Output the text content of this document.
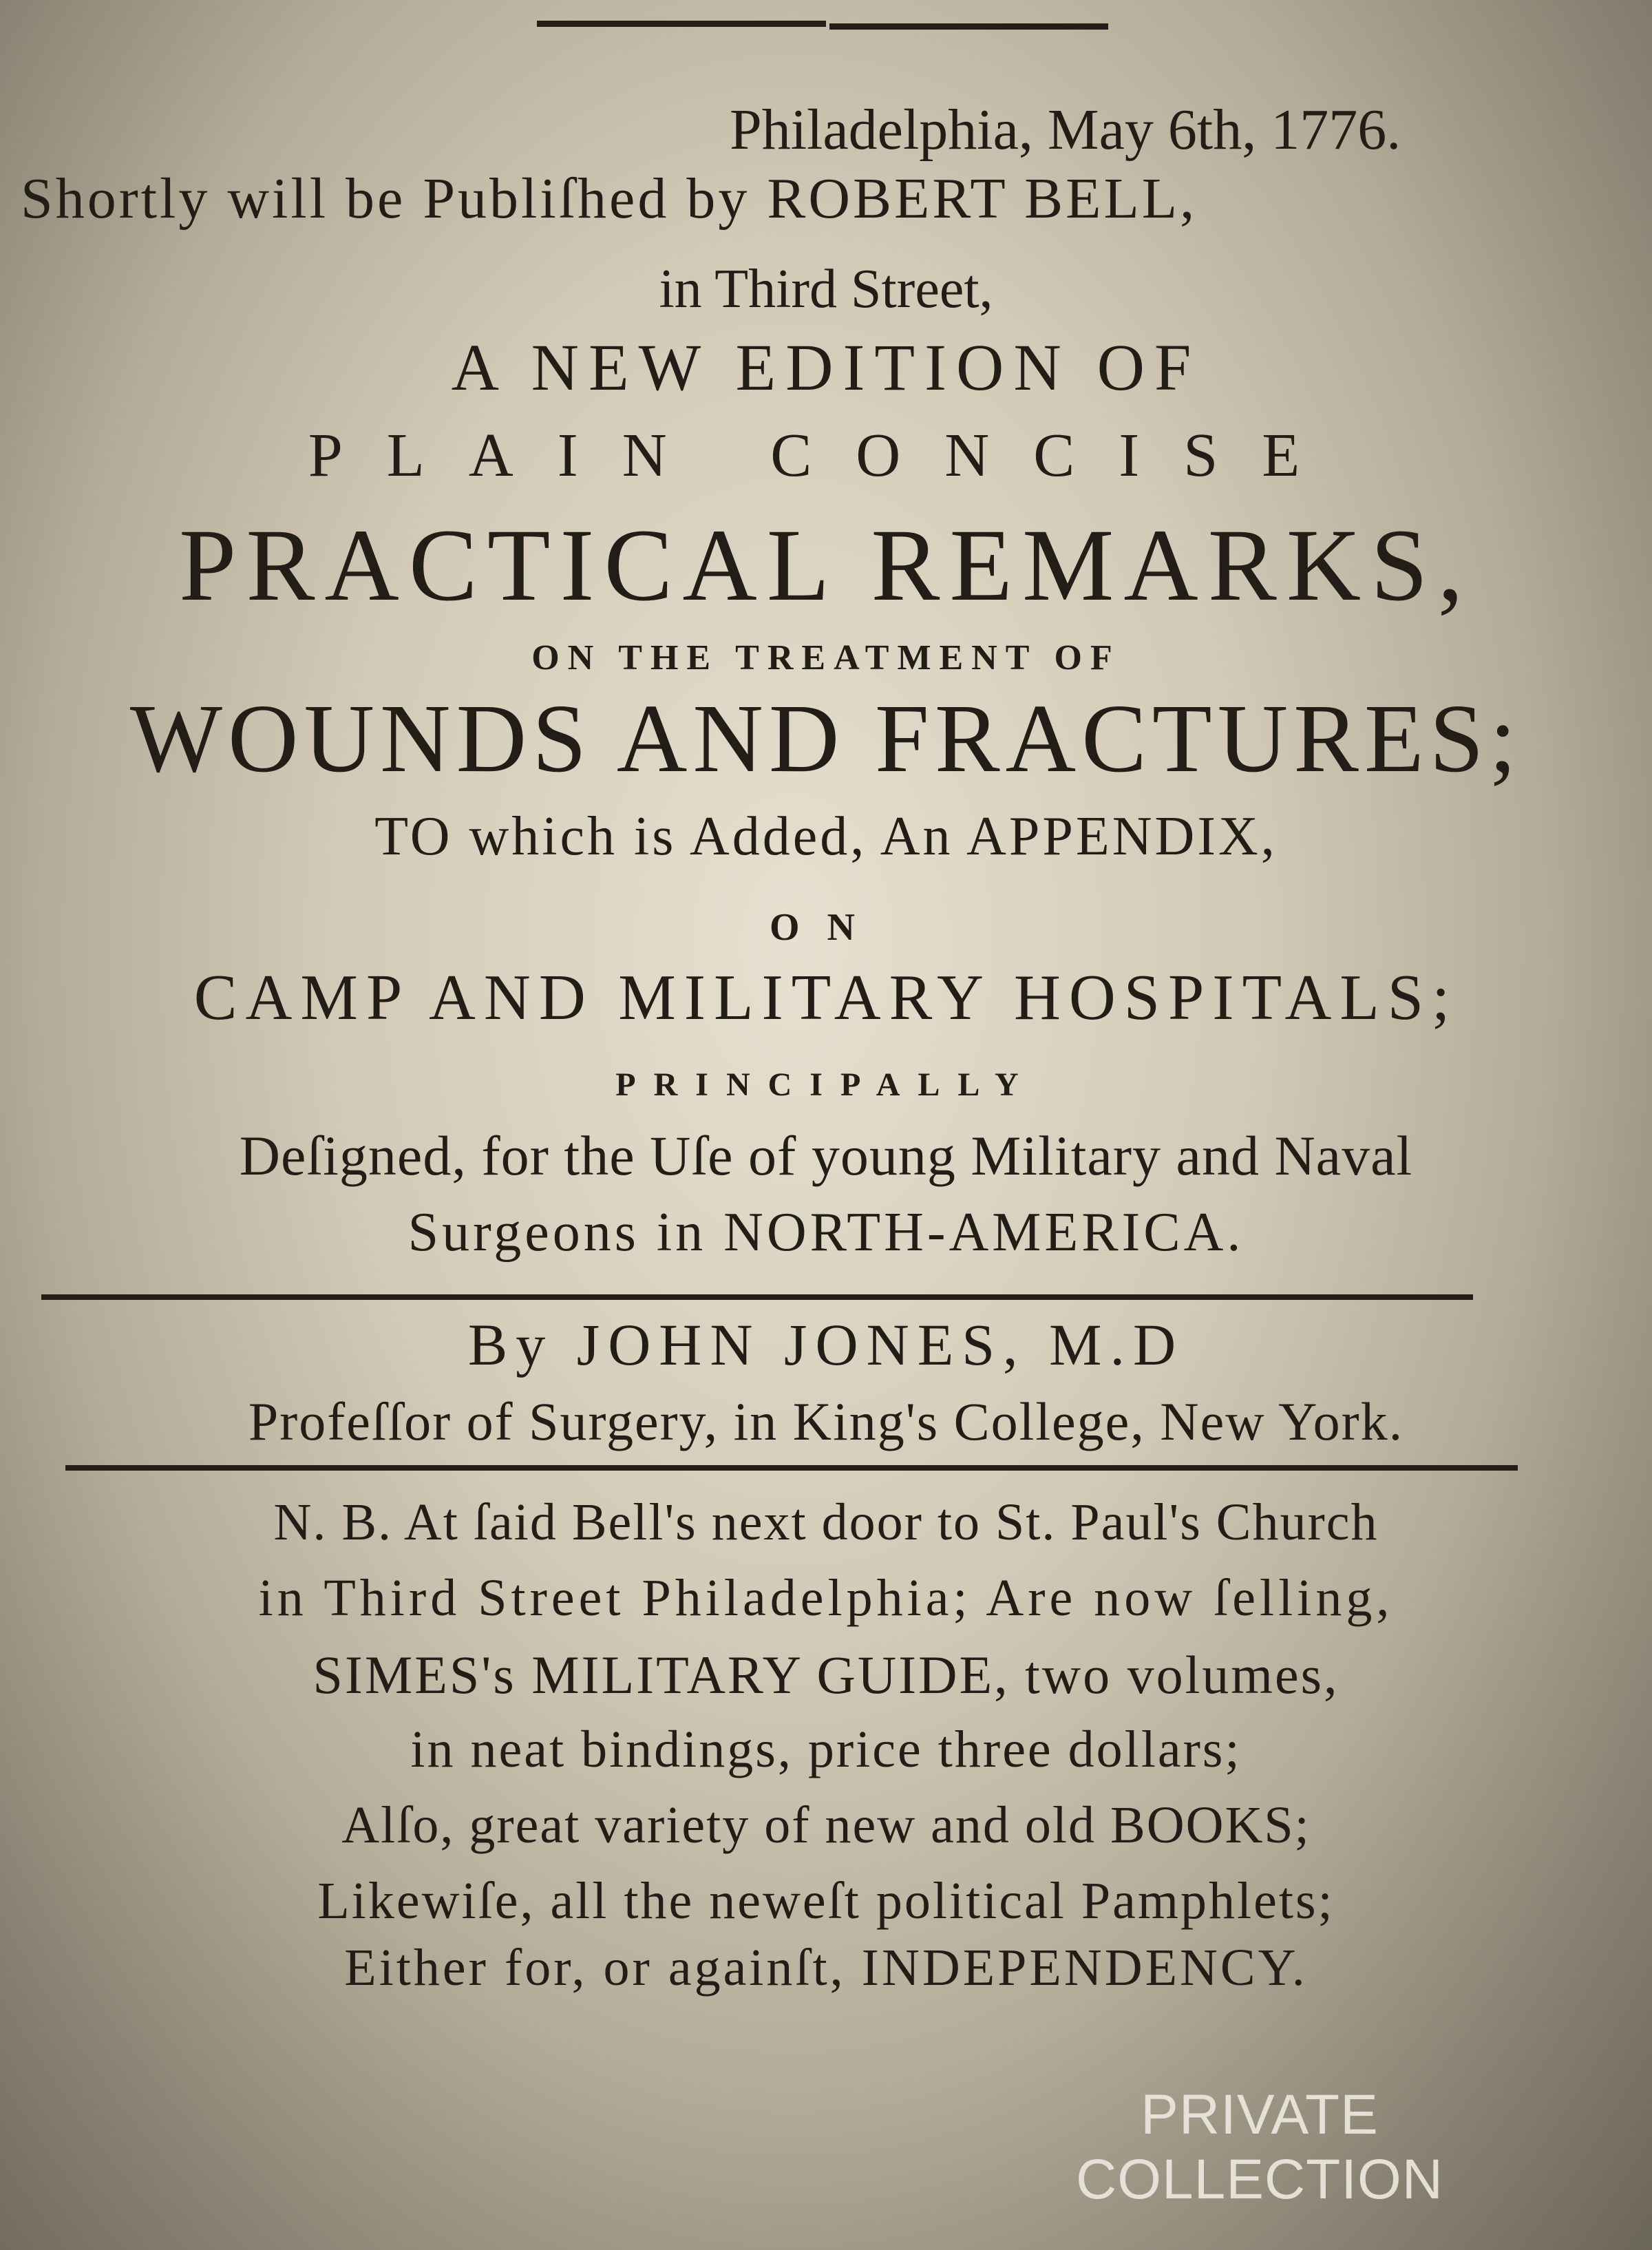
Philadelphia, May 6th, 1776.
Shortly will be Publiſhed by ROBERT BELL,
in Third Street,
A NEW EDITION OF
PLAIN CONCISE
PRACTICAL REMARKS,
ON THE TREATMENT OF
WOUNDS AND FRACTURES;
TO which is Added, An APPENDIX,
ON
CAMP AND MILITARY HOSPITALS;
PRINCIPALLY
Deſigned, for the Uſe of young Military and Naval
Surgeons in NORTH-AMERICA.
By JOHN JONES, M.D
Profeſſor of Surgery, in King's College, New York.
N. B. At ſaid Bell's next door to St. Paul's Church
in Third Street Philadelphia; Are now ſelling,
SIMES's MILITARY GUIDE, two volumes,
in neat bindings, price three dollars;
Alſo, great variety of new and old BOOKS;
Likewiſe, all the neweſt political Pamphlets;
Either for, or againſt, INDEPENDENCY.
PRIVATE COLLECTION
